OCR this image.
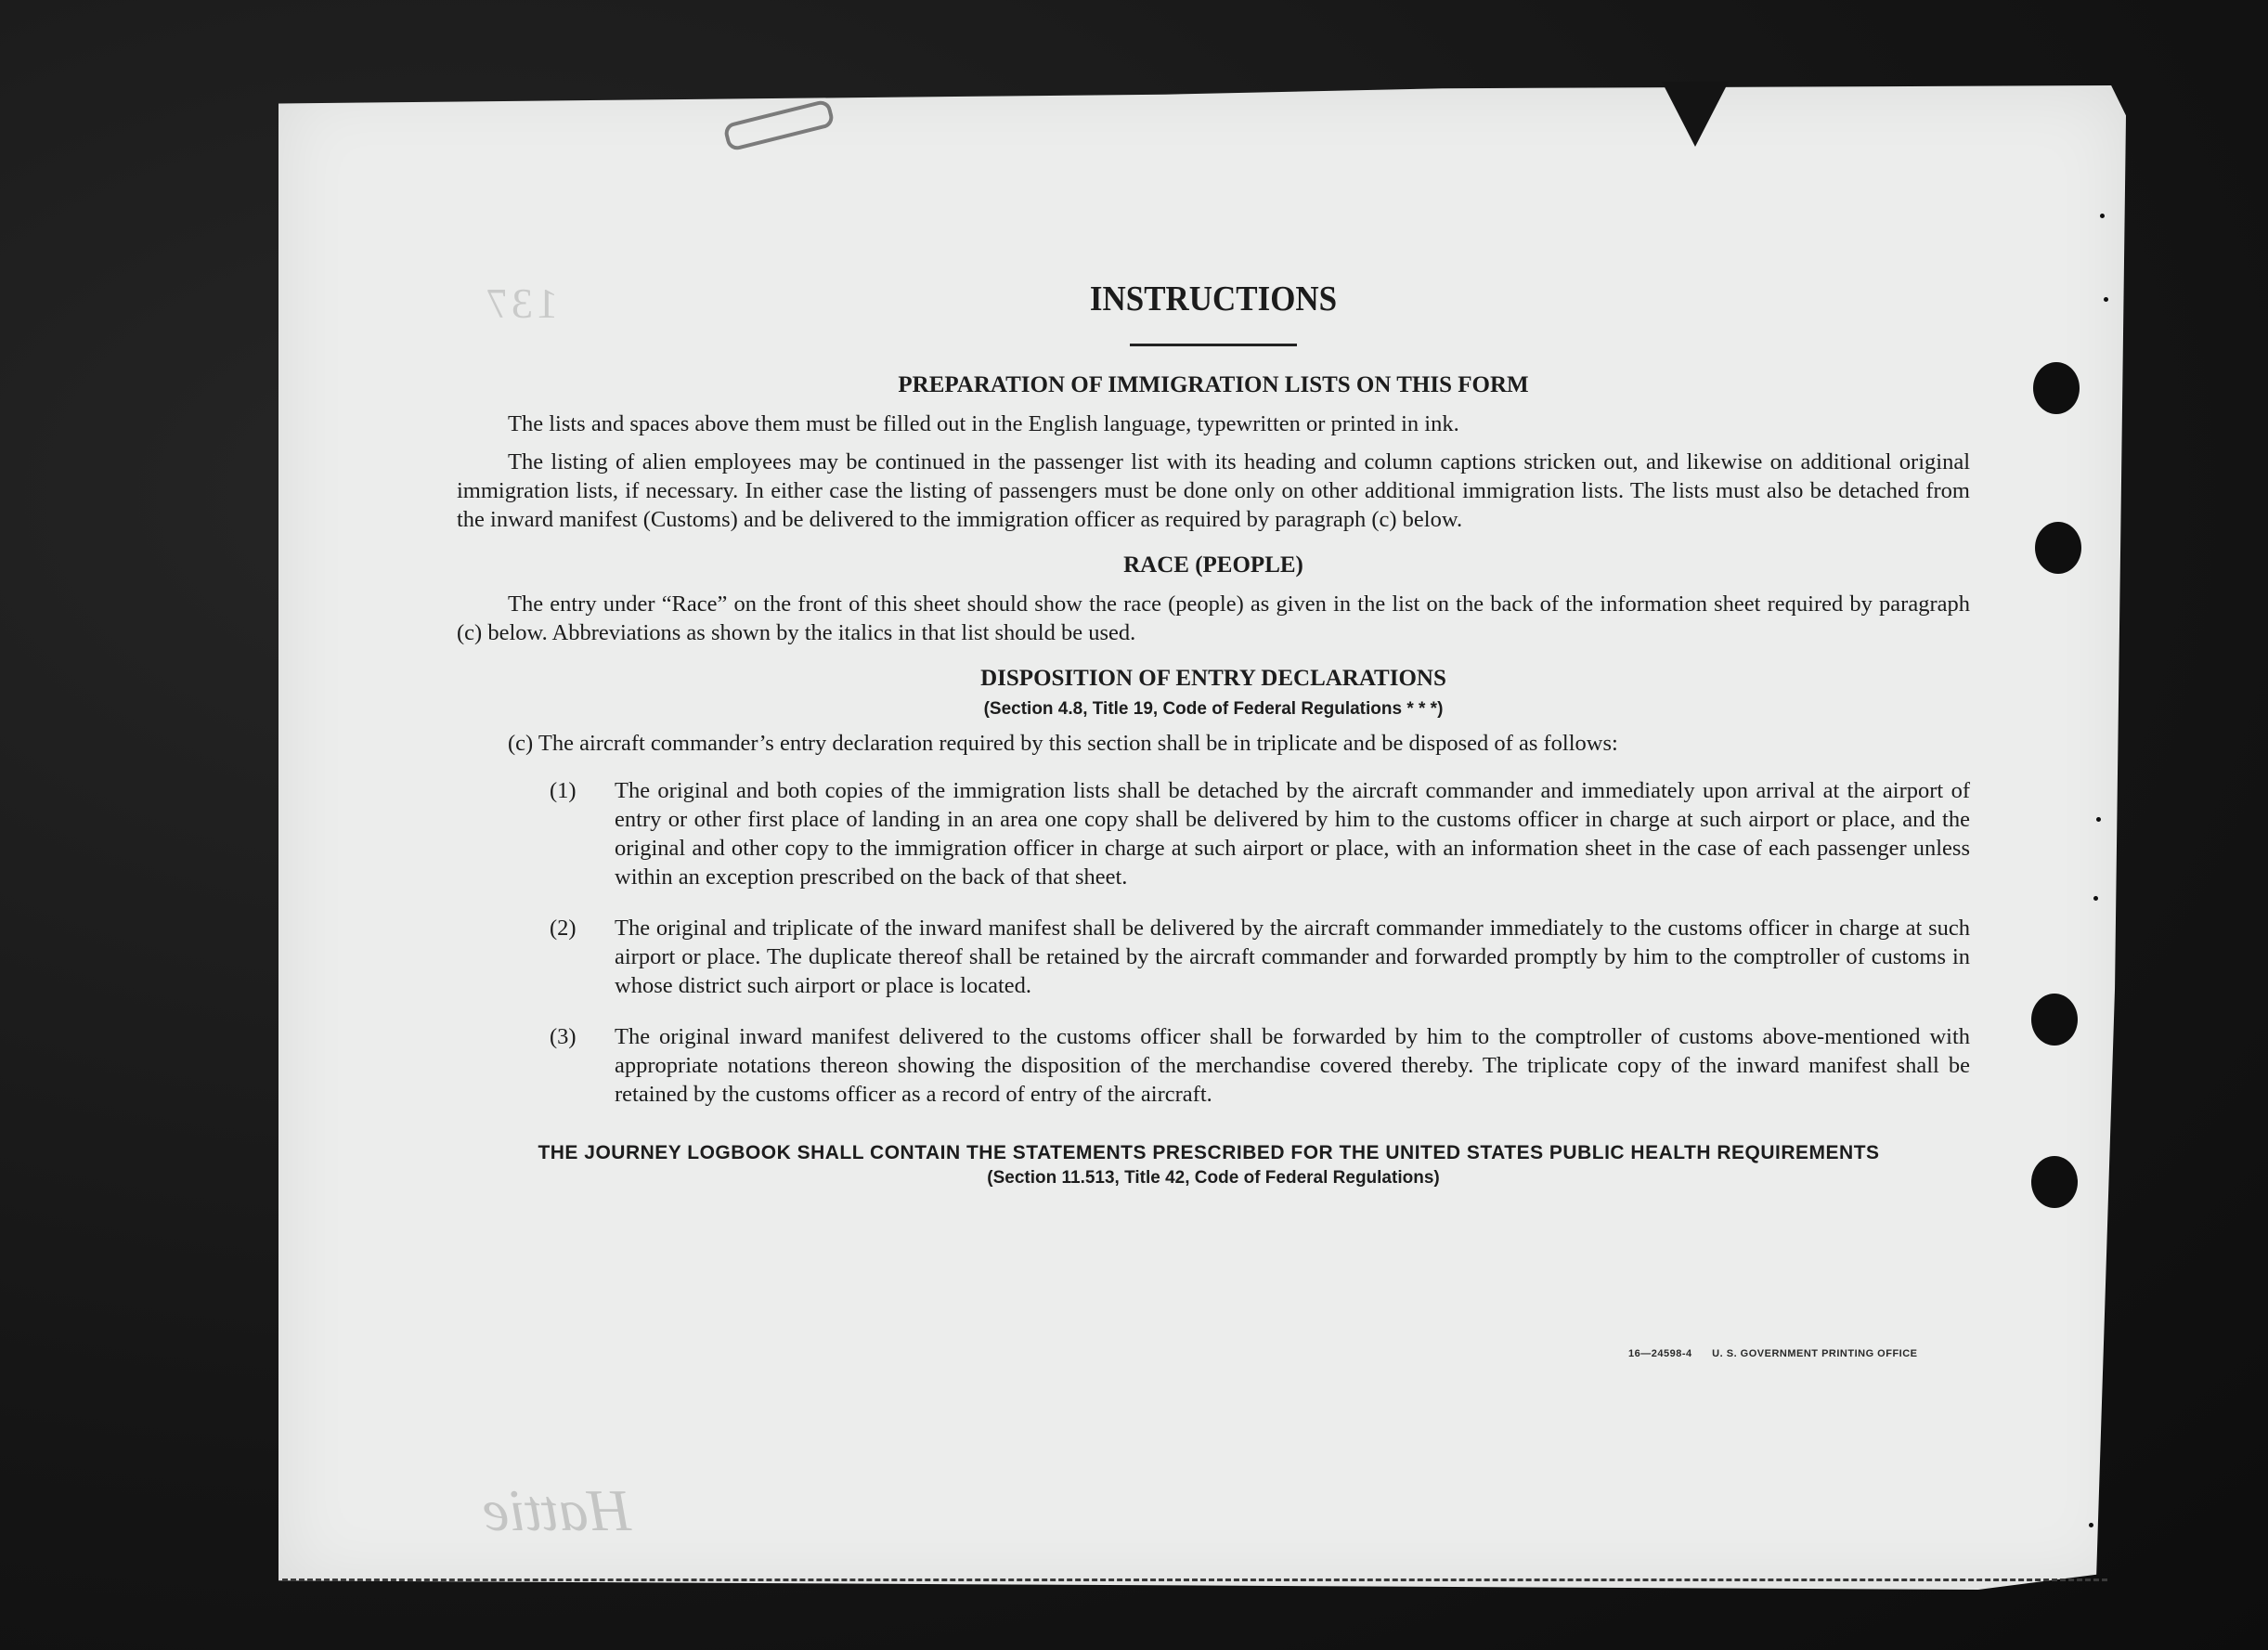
137	INSTRUCTIONS
PREPARATION OF IMMIGRATION LISTS ON THIS FORM

The lists and spaces above them must be filled out in the English language, typewritten or printed in ink.

The listing of alien employees may be continued in the passenger list with its heading and column captions stricken out, and likewise on additional original immigration lists, if necessary. In either case the listing of passengers must be done only on other additional immigration lists. The lists must also be detached from the inward manifest (Customs) and be delivered to the immigration officer as required by paragraph (c) below.

RACE (PEOPLE)

The entry under “Race” on the front of this sheet should show the race (people) as given in the list on the back of the information sheet required by paragraph (c) below. Abbreviations as shown by the italics in that list should be used.

DISPOSITION OF ENTRY DECLARATIONS
(Section 4.8, Title 19, Code of Federal Regulations * * *)
(c) The aircraft commander’s entry declaration required by this section shall be in triplicate and be disposed of as follows:
(1) The original and both copies of the immigration lists shall be detached by the aircraft commander and immediately upon arrival at the airport of entry or other first place of landing in an area one copy shall be delivered by him to the customs officer in charge at such airport or place, and the original and other copy to the immigration officer in charge at such airport or place, with an information sheet in the case of each passenger unless within an exception prescribed on the back of that sheet.
(2) The original and triplicate of the inward manifest shall be delivered by the aircraft commander immediately to the customs officer in charge at such airport or place. The duplicate thereof shall be retained by the aircraft commander and forwarded promptly by him to the comptroller of customs in whose district such airport or place is located.
(3) The original inward manifest delivered to the customs officer shall be forwarded by him to the comptroller of customs above-mentioned with appropriate notations thereon showing the disposition of the merchandise covered thereby. The triplicate copy of the inward manifest shall be retained by the customs officer as a record of entry of the aircraft.
THE JOURNEY LOGBOOK SHALL CONTAIN THE STATEMENTS PRESCRIBED FOR THE UNITED STATES PUBLIC HEALTH REQUIREMENTS
(Section 11.513, Title 42, Code of Federal Regulations)
16—24598-4 U. S. GOVERNMENT PRINTING OFFICE
Hattie
